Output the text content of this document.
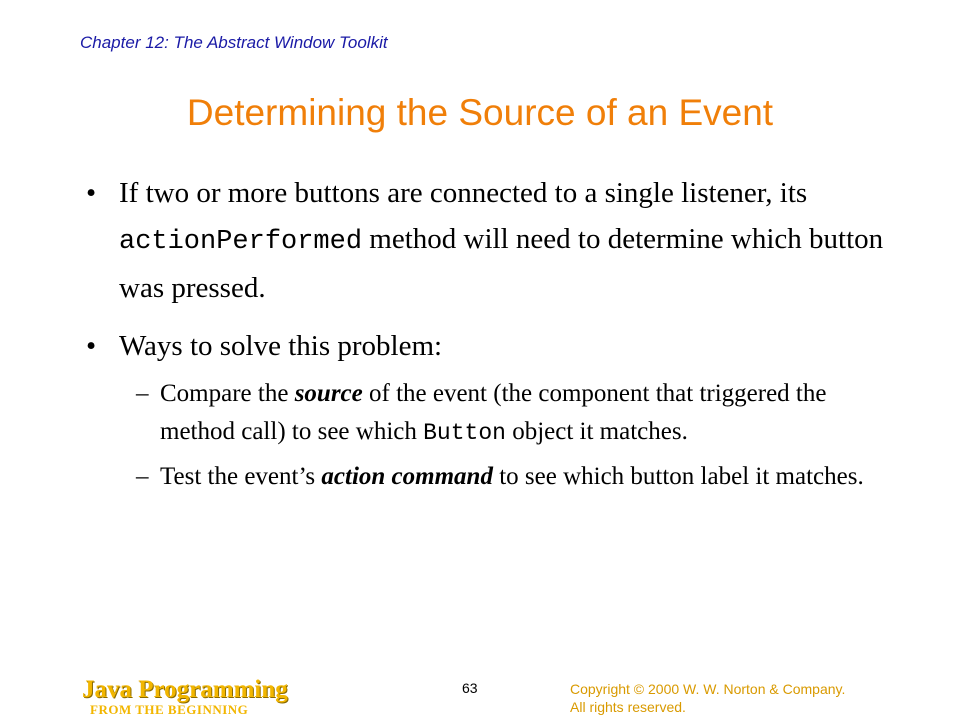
Chapter 12: The Abstract Window Toolkit
Determining the Source of an Event
• If two or more buttons are connected to a single listener, its actionPerformed method will need to determine which button was pressed.
• Ways to solve this problem:
– Compare the source of the event (the component that triggered the method call) to see which Button object it matches.
– Test the event’s action command to see which button label it matches.
Java Programming
FROM THE BEGINNING
63	Copyright © 2000 W. W. Norton & Company.
All rights reserved.
